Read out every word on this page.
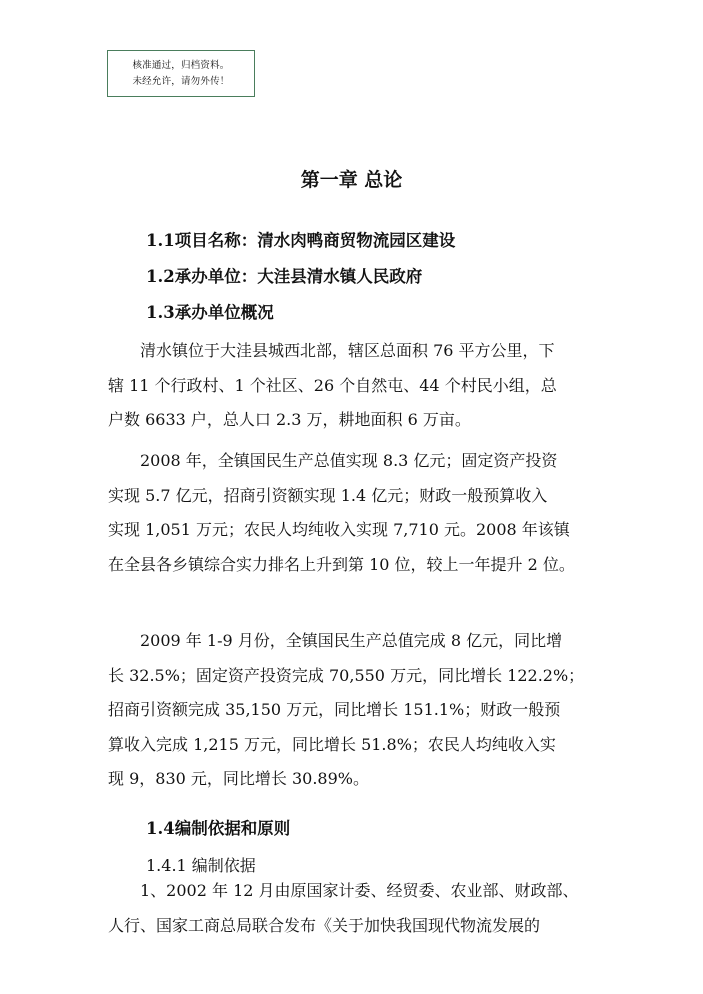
核准通过，归档资料。
未经允许，请勿外传！
第一章 总论
1.1项目名称：清水肉鸭商贸物流园区建设
1.2承办单位：大洼县清水镇人民政府
1.3承办单位概况
清水镇位于大洼县城西北部，辖区总面积 76 平方公里，下
辖 11 个行政村、1 个社区、26 个自然屯、44 个村民小组，总
户数 6633 户，总人口 2.3 万，耕地面积 6 万亩。
2008 年，全镇国民生产总值实现 8.3 亿元；固定资产投资
实现 5.7 亿元，招商引资额实现 1.4 亿元；财政一般预算收入
实现 1,051 万元；农民人均纯收入实现 7,710 元。2008 年该镇
在全县各乡镇综合实力排名上升到第 10 位，较上一年提升 2 位。
2009 年 1-9 月份，全镇国民生产总值完成 8 亿元，同比增
长 32.5%；固定资产投资完成 70,550 万元，同比增长 122.2%；
招商引资额完成 35,150 万元，同比增长 151.1%；财政一般预
算收入完成 1,215 万元，同比增长 51.8%；农民人均纯收入实
现 9，830 元，同比增长 30.89%。
1.4编制依据和原则
1.4.1 编制依据
1、2002 年 12 月由原国家计委、经贸委、农业部、财政部、
人行、国家工商总局联合发布《关于加快我国现代物流发展的
